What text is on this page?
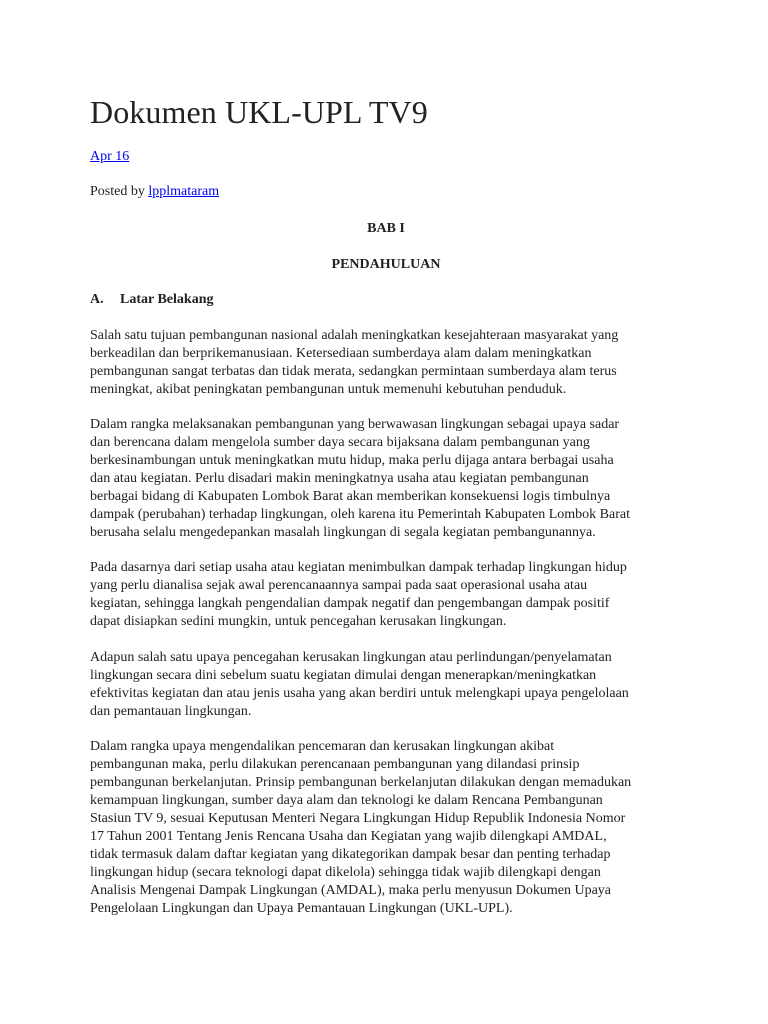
Dokumen UKL-UPL TV9
Apr 16
Posted by lpplmataram
BAB I
PENDAHULUAN
A. Latar Belakang

Salah satu tujuan pembangunan nasional adalah meningkatkan kesejahteraan masyarakat yang
berkeadilan dan berprikemanusiaan. Ketersediaan sumberdaya alam dalam meningkatkan
pembangunan sangat terbatas dan tidak merata, sedangkan permintaan sumberdaya alam terus
meningkat, akibat peningkatan pembangunan untuk memenuhi kebutuhan penduduk.

Dalam rangka melaksanakan pembangunan yang berwawasan lingkungan sebagai upaya sadar
dan berencana dalam mengelola sumber daya secara bijaksana dalam pembangunan yang
berkesinambungan untuk meningkatkan mutu hidup, maka perlu dijaga antara berbagai usaha
dan atau kegiatan. Perlu disadari makin meningkatnya usaha atau kegiatan pembangunan
berbagai bidang di Kabupaten Lombok Barat akan memberikan konsekuensi logis timbulnya
dampak (perubahan) terhadap lingkungan, oleh karena itu Pemerintah Kabupaten Lombok Barat
berusaha selalu mengedepankan masalah lingkungan di segala kegiatan pembangunannya.

Pada dasarnya dari setiap usaha atau kegiatan menimbulkan dampak terhadap lingkungan hidup
yang perlu dianalisa sejak awal perencanaannya sampai pada saat operasional usaha atau
kegiatan, sehingga langkah pengendalian dampak negatif dan pengembangan dampak positif
dapat disiapkan sedini mungkin, untuk pencegahan kerusakan lingkungan.

Adapun salah satu upaya pencegahan kerusakan lingkungan atau perlindungan/penyelamatan
lingkungan secara dini sebelum suatu kegiatan dimulai dengan menerapkan/meningkatkan
efektivitas kegiatan dan atau jenis usaha yang akan berdiri untuk melengkapi upaya pengelolaan
dan pemantauan lingkungan.

Dalam rangka upaya mengendalikan pencemaran dan kerusakan lingkungan akibat
pembangunan maka, perlu dilakukan perencanaan pembangunan yang dilandasi prinsip
pembangunan berkelanjutan. Prinsip pembangunan berkelanjutan dilakukan dengan memadukan
kemampuan lingkungan, sumber daya alam dan teknologi ke dalam Rencana Pembangunan
Stasiun TV 9, sesuai Keputusan Menteri Negara Lingkungan Hidup Republik Indonesia Nomor
17 Tahun 2001 Tentang Jenis Rencana Usaha dan Kegiatan yang wajib dilengkapi AMDAL,
tidak termasuk dalam daftar kegiatan yang dikategorikan dampak besar dan penting terhadap
lingkungan hidup (secara teknologi dapat dikelola) sehingga tidak wajib dilengkapi dengan
Analisis Mengenai Dampak Lingkungan (AMDAL), maka perlu menyusun Dokumen Upaya
Pengelolaan Lingkungan dan Upaya Pemantauan Lingkungan (UKL-UPL).
